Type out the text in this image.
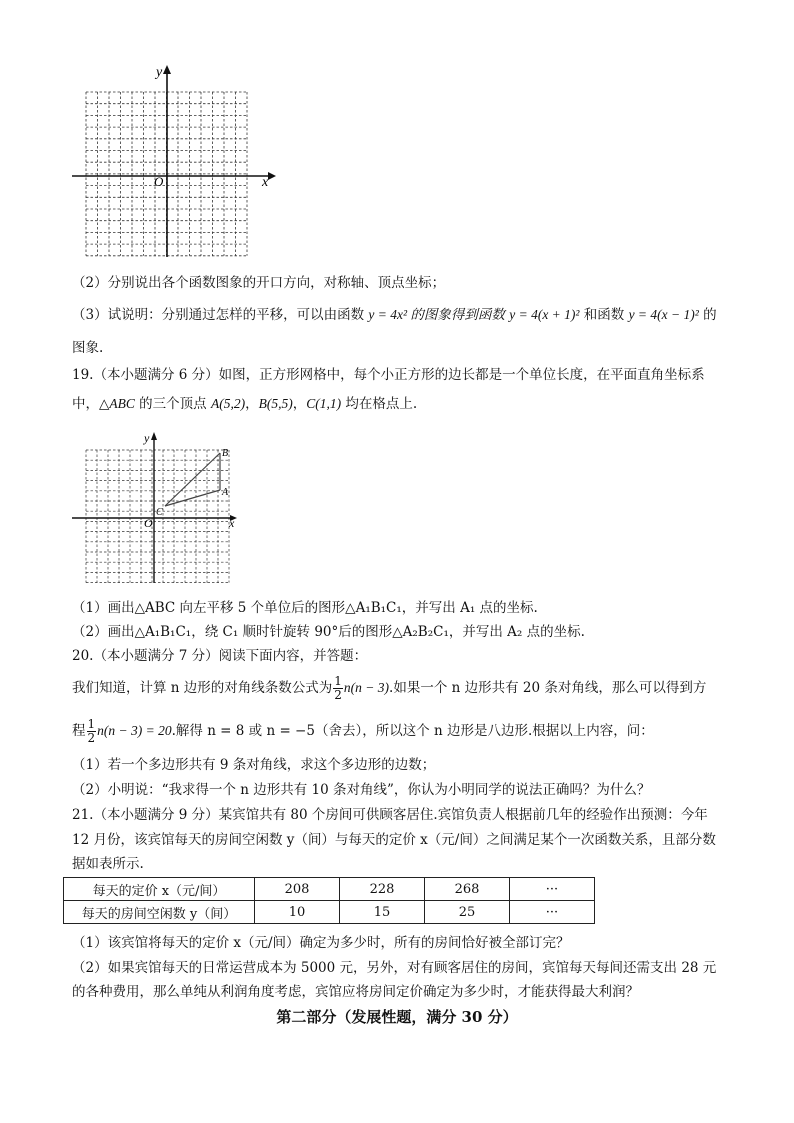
y
x
O
（2）分别说出各个函数图象的开口方向，对称轴、顶点坐标；
（3）试说明：分别通过怎样的平移，可以由函数 y = 4x² 的图象得到函数 y = 4(x + 1)² 和函数 y = 4(x − 1)² 的
图象.
19.（本小题满分 6 分）如图，正方形网格中，每个小正方形的边长都是一个单位长度，在平面直角坐标系
中，△ABC 的三个顶点 A(5,2)，B(5,5)，C(1,1) 均在格点上.
y
x
O
B
A
C
（1）画出△ABC 向左平移 5 个单位后的图形△A₁B₁C₁，并写出 A₁ 点的坐标.
（2）画出△A₁B₁C₁，绕 C₁ 顺时针旋转 90°后的图形△A₂B₂C₁，并写出 A₂ 点的坐标.
20.（本小题满分 7 分）阅读下面内容，并答题：
我们知道，计算 n 边形的对角线条数公式为 $\frac{1}{2} n(n - 3)$.如果一个 n 边形共有 20 条对角线，那么可以得到方
程 $\frac{1}{2} n(n - 3) = 20$.解得 n = 8 或 n = −5（舍去），所以这个 n 边形是八边形.根据以上内容，问：
（1）若一个多边形共有 9 条对角线，求这个多边形的边数；
（2）小明说：“我求得一个 n 边形共有 10 条对角线”，你认为小明同学的说法正确吗？为什么？
21.（本小题满分 9 分）某宾馆共有 80 个房间可供顾客居住.宾馆负责人根据前几年的经验作出预测：今年
12 月份，该宾馆每天的房间空闲数 y（间）与每天的定价 x（元/间）之间满足某个一次函数关系，且部分数
据如表所示.
每天的定价 x（元/间）	208	228	268	···
每天的房间空闲数 y（间）	10	15	25	···
（1）该宾馆将每天的定价 x（元/间）确定为多少时，所有的房间恰好被全部订完？
（2）如果宾馆每天的日常运营成本为 5000 元，另外，对有顾客居住的房间，宾馆每天每间还需支出 28 元
的各种费用，那么单纯从利润角度考虑，宾馆应将房间定价确定为多少时，才能获得最大利润？
第二部分（发展性题，满分 30 分）
